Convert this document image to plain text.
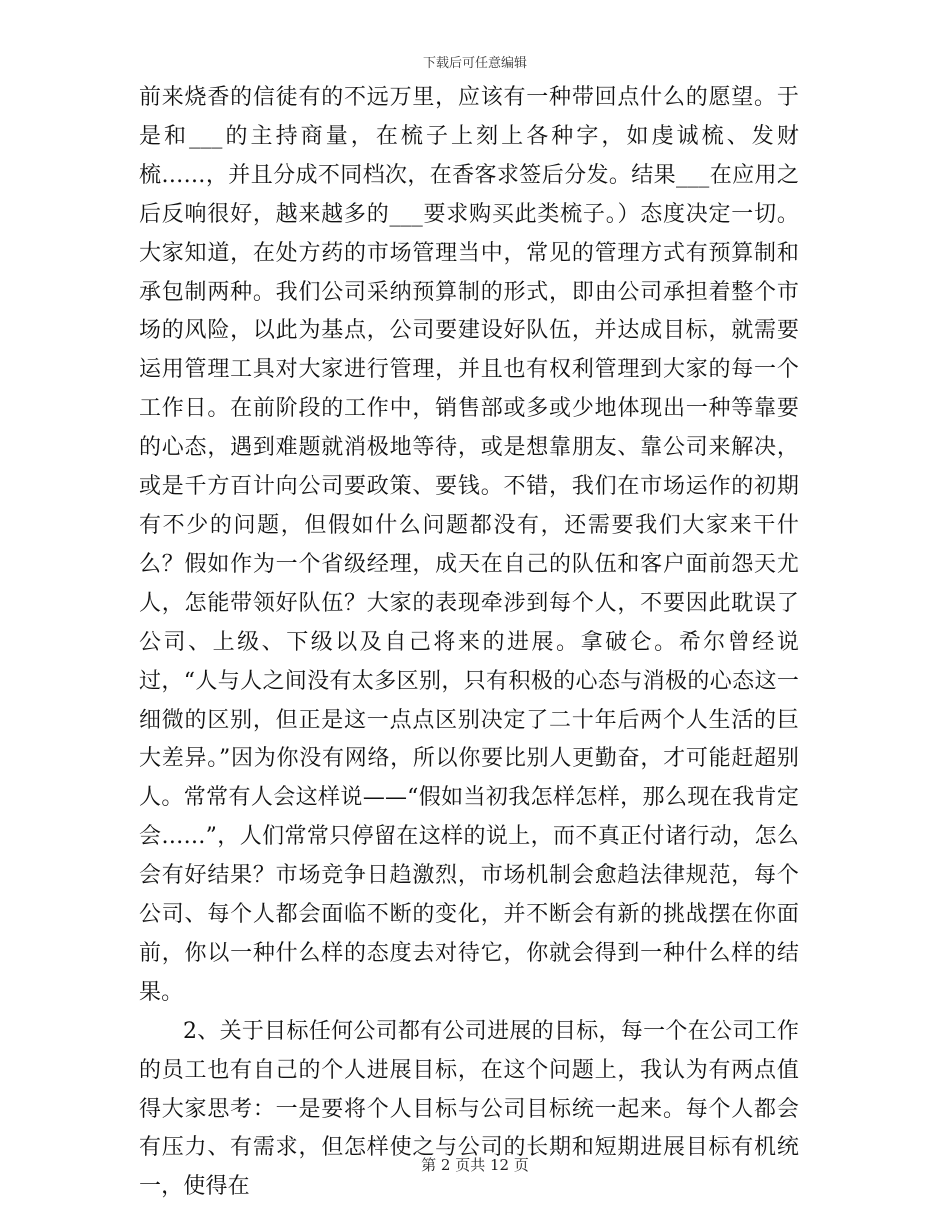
下载后可任意编辑

前来烧香的信徒有的不远万里，应该有一种带回点什么的愿望。于是和___的主持商量，在梳子上刻上各种字，如虔诚梳、发财梳……，并且分成不同档次，在香客求签后分发。结果___在应用之后反响很好，越来越多的___要求购买此类梳子。）态度决定一切。大家知道，在处方药的市场管理当中，常见的管理方式有预算制和承包制两种。我们公司采纳预算制的形式，即由公司承担着整个市场的风险，以此为基点，公司要建设好队伍，并达成目标，就需要运用管理工具对大家进行管理，并且也有权利管理到大家的每一个工作日。在前阶段的工作中，销售部或多或少地体现出一种等靠要的心态，遇到难题就消极地等待，或是想靠朋友、靠公司来解决，或是千方百计向公司要政策、要钱。不错，我们在市场运作的初期有不少的问题，但假如什么问题都没有，还需要我们大家来干什么？假如作为一个省级经理，成天在自己的队伍和客户面前怨天尤人，怎能带领好队伍？大家的表现牵涉到每个人，不要因此耽误了公司、上级、下级以及自己将来的进展。拿破仑。希尔曾经说过，“人与人之间没有太多区别，只有积极的心态与消极的心态这一细微的区别，但正是这一点点区别决定了二十年后两个人生活的巨大差异。”因为你没有网络，所以你要比别人更勤奋，才可能赶超别人。常常有人会这样说——“假如当初我怎样怎样，那么现在我肯定会……”，人们常常只停留在这样的说上，而不真正付诸行动，怎么会有好结果？市场竞争日趋激烈，市场机制会愈趋法律规范，每个公司、每个人都会面临不断的变化，并不断会有新的挑战摆在你面前，你以一种什么样的态度去对待它，你就会得到一种什么样的结果。

2、关于目标任何公司都有公司进展的目标，每一个在公司工作的员工也有自己的个人进展目标，在这个问题上，我认为有两点值得大家思考：一是要将个人目标与公司目标统一起来。每个人都会有压力、有需求，但怎样使之与公司的长期和短期进展目标有机统一，使得在

第 2 页共 12 页
